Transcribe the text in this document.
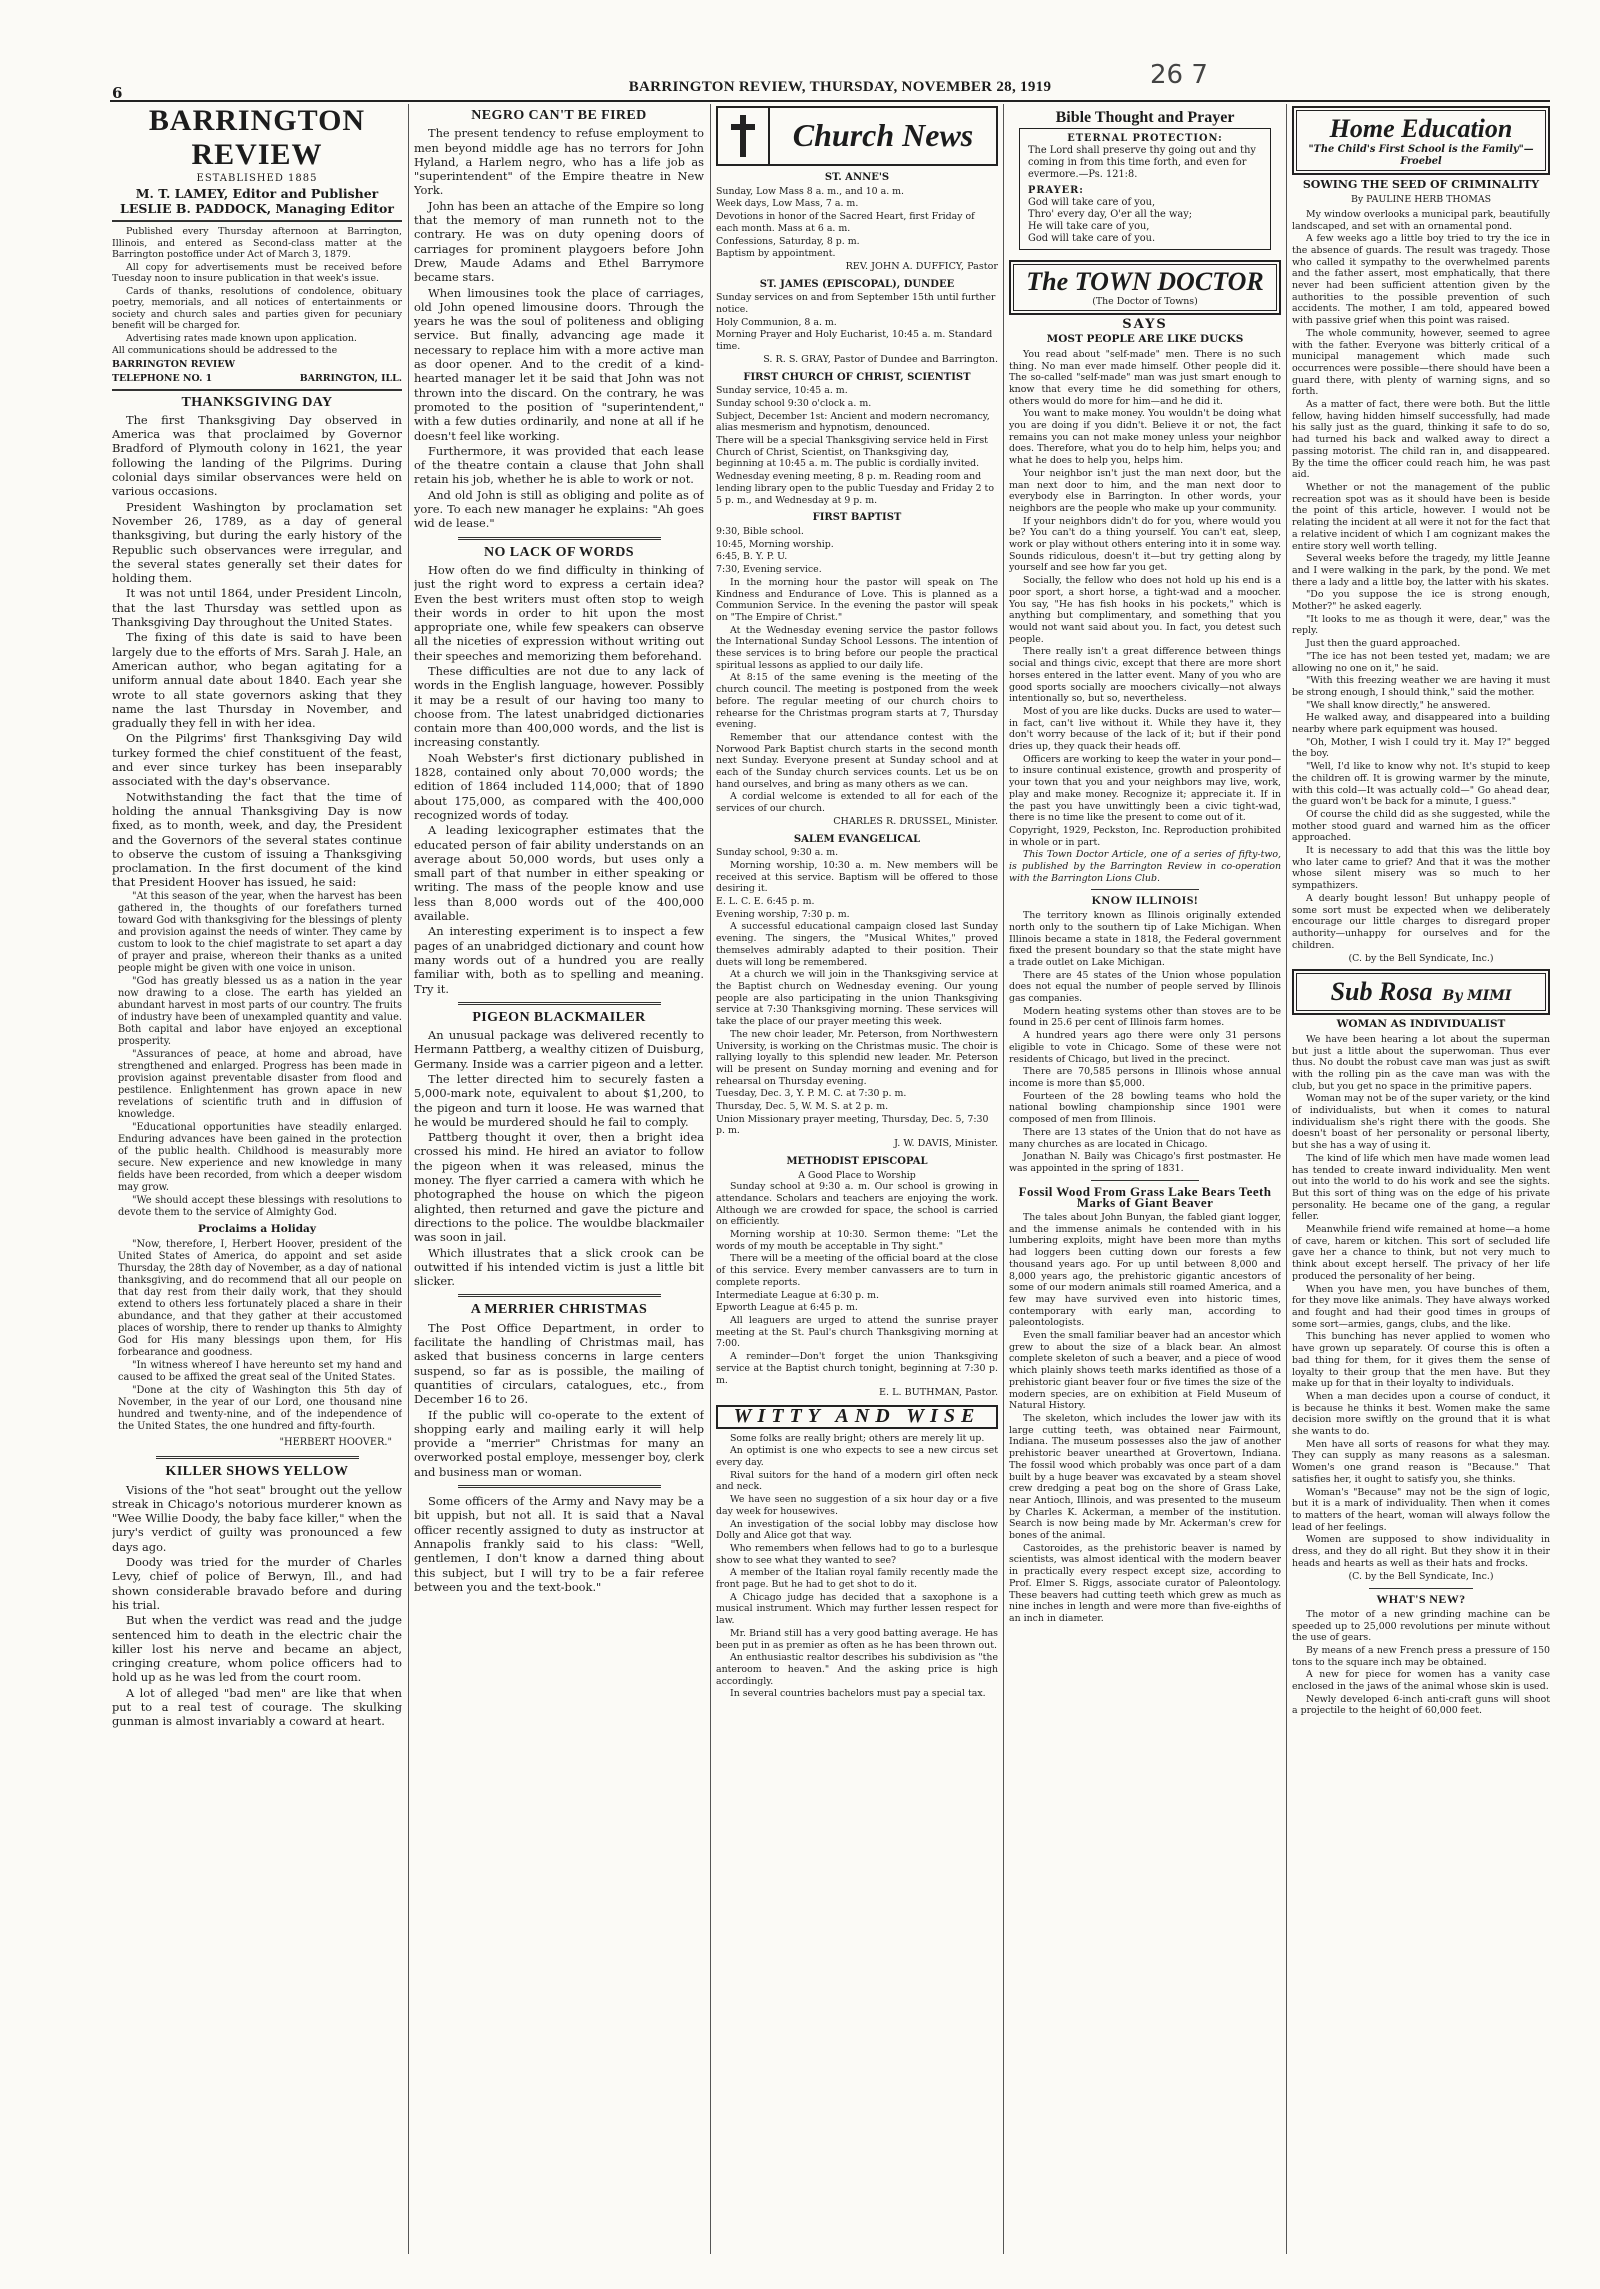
6	BARRINGTON REVIEW, THURSDAY, NOVEMBER 28, 1919	26 7
BARRINGTON REVIEW
ESTABLISHED 1885
M. T. LAMEY, Editor and Publisher
LESLIE B. PADDOCK, Managing Editor

Published every Thursday afternoon at Barrington, Illinois, and entered as Second-class matter at the Barrington postoffice under Act of March 3, 1879.

All copy for advertisements must be received before Tuesday noon to insure publication in that week's issue.

Cards of thanks, resolutions of condolence, obituary poetry, memorials, and all notices of entertainments or society and church sales and parties given for pecuniary benefit will be charged for.

Advertising rates made known upon application.

All communications should be addressed to the
BARRINGTON REVIEW
TELEPHONE NO. 1	BARRINGTON, ILL.
THANKSGIVING DAY

The first Thanksgiving Day observed in America was that proclaimed by Governor Bradford of Plymouth colony in 1621, the year following the landing of the Pilgrims. During colonial days similar observances were held on various occasions.

President Washington by proclamation set November 26, 1789, as a day of general thanksgiving, but during the early history of the Republic such observances were irregular, and the several states generally set their dates for holding them.

It was not until 1864, under President Lincoln, that the last Thursday was settled upon as Thanksgiving Day throughout the United States.

The fixing of this date is said to have been largely due to the efforts of Mrs. Sarah J. Hale, an American author, who began agitating for a uniform annual date about 1840. Each year she wrote to all state governors asking that they name the last Thursday in November, and gradually they fell in with her idea.

On the Pilgrims' first Thanksgiving Day wild turkey formed the chief constituent of the feast, and ever since turkey has been inseparably associated with the day's observance.

Notwithstanding the fact that the time of holding the annual Thanksgiving Day is now fixed, as to month, week, and day, the President and the Governors of the several states continue to observe the custom of issuing a Thanksgiving proclamation. In the first document of the kind that President Hoover has issued, he said:

"At this season of the year, when the harvest has been gathered in, the thoughts of our forefathers turned toward God with thanksgiving for the blessings of plenty and provision against the needs of winter. They came by custom to look to the chief magistrate to set apart a day of prayer and praise, whereon their thanks as a united people might be given with one voice in unison.

"God has greatly blessed us as a nation in the year now drawing to a close. The earth has yielded an abundant harvest in most parts of our country. The fruits of industry have been of unexampled quantity and value. Both capital and labor have enjoyed an exceptional prosperity.

"Assurances of peace, at home and abroad, have strengthened and enlarged. Progress has been made in provision against preventable disaster from flood and pestilence. Enlightenment has grown apace in new revelations of scientific truth and in diffusion of knowledge.

"Educational opportunities have steadily enlarged. Enduring advances have been gained in the protection of the public health. Childhood is measurably more secure. New experience and new knowledge in many fields have been recorded, from which a deeper wisdom may grow.

"We should accept these blessings with resolutions to devote them to the service of Almighty God.

Proclaims a Holiday

"Now, therefore, I, Herbert Hoover, president of the United States of America, do appoint and set aside Thursday, the 28th day of November, as a day of national thanksgiving, and do recommend that all our people on that day rest from their daily work, that they should extend to others less fortunately placed a share in their abundance, and that they gather at their accustomed places of worship, there to render up thanks to Almighty God for His many blessings upon them, for His forbearance and goodness.

"In witness whereof I have hereunto set my hand and caused to be affixed the great seal of the United States.

"Done at the city of Washington this 5th day of November, in the year of our Lord, one thousand nine hundred and twenty-nine, and of the independence of the United States, the one hundred and fifty-fourth.

"HERBERT HOOVER."
KILLER SHOWS YELLOW

Visions of the "hot seat" brought out the yellow streak in Chicago's notorious murderer known as "Wee Willie Doody, the baby face killer," when the jury's verdict of guilty was pronounced a few days ago.

Doody was tried for the murder of Charles Levy, chief of police of Berwyn, Ill., and had shown considerable bravado before and during his trial.

But when the verdict was read and the judge sentenced him to death in the electric chair the killer lost his nerve and became an abject, cringing creature, whom police officers had to hold up as he was led from the court room.

A lot of alleged "bad men" are like that when put to a real test of courage. The skulking gunman is almost invariably a coward at heart.

NEGRO CAN'T BE FIRED

The present tendency to refuse employment to men beyond middle age has no terrors for John Hyland, a Harlem negro, who has a life job as "superintendent" of the Empire theatre in New York.

John has been an attache of the Empire so long that the memory of man runneth not to the contrary. He was on duty opening doors of carriages for prominent playgoers before John Drew, Maude Adams and Ethel Barrymore became stars.

When limousines took the place of carriages, old John opened limousine doors. Through the years he was the soul of politeness and obliging service. But finally, advancing age made it necessary to replace him with a more active man as door opener. And to the credit of a kind-hearted manager let it be said that John was not thrown into the discard. On the contrary, he was promoted to the position of "superintendent," with a few duties ordinarily, and none at all if he doesn't feel like working.

Furthermore, it was provided that each lease of the theatre contain a clause that John shall retain his job, whether he is able to work or not.

And old John is still as obliging and polite as of yore. To each new manager he explains: "Ah goes wid de lease."

NO LACK OF WORDS

How often do we find difficulty in thinking of just the right word to express a certain idea? Even the best writers must often stop to weigh their words in order to hit upon the most appropriate one, while few speakers can observe all the niceties of expression without writing out their speeches and memorizing them beforehand.

These difficulties are not due to any lack of words in the English language, however. Possibly it may be a result of our having too many to choose from. The latest unabridged dictionaries contain more than 400,000 words, and the list is increasing constantly.

Noah Webster's first dictionary published in 1828, contained only about 70,000 words; the edition of 1864 included 114,000; that of 1890 about 175,000, as compared with the 400,000 recognized words of today.

A leading lexicographer estimates that the educated person of fair ability understands on an average about 50,000 words, but uses only a small part of that number in either speaking or writing. The mass of the people know and use less than 8,000 words out of the 400,000 available.

An interesting experiment is to inspect a few pages of an unabridged dictionary and count how many words out of a hundred you are really familiar with, both as to spelling and meaning. Try it.

PIGEON BLACKMAILER

An unusual package was delivered recently to Hermann Pattberg, a wealthy citizen of Duisburg, Germany. Inside was a carrier pigeon and a letter.

The letter directed him to securely fasten a 5,000-mark note, equivalent to about $1,200, to the pigeon and turn it loose. He was warned that he would be murdered should he fail to comply.

Pattberg thought it over, then a bright idea crossed his mind. He hired an aviator to follow the pigeon when it was released, minus the money. The flyer carried a camera with which he photographed the house on which the pigeon alighted, then returned and gave the picture and directions to the police. The wouldbe blackmailer was soon in jail.

Which illustrates that a slick crook can be outwitted if his intended victim is just a little bit slicker.

A MERRIER CHRISTMAS

The Post Office Department, in order to facilitate the handling of Christmas mail, has asked that business concerns in large centers suspend, so far as is possible, the mailing of quantities of circulars, catalogues, etc., from December 16 to 26.

If the public will co-operate to the extent of shopping early and mailing early it will help provide a "merrier" Christmas for many an overworked postal employe, messenger boy, clerk and business man or woman.

Some officers of the Army and Navy may be a bit uppish, but not all. It is said that a Naval officer recently assigned to duty as instructor at Annapolis frankly said to his class: "Well, gentlemen, I don't know a darned thing about this subject, but I will try to be a fair referee between you and the text-book."

Church News
ST. ANNE'S

Sunday, Low Mass 8 a. m., and 10 a. m.

Week days, Low Mass, 7 a. m.

Devotions in honor of the Sacred Heart, first Friday of each month. Mass at 6 a. m.

Confessions, Saturday, 8 p. m.

Baptism by appointment.

REV. JOHN A. DUFFICY, Pastor
ST. JAMES (EPISCOPAL), DUNDEE

Sunday services on and from September 15th until further notice.

Holy Communion, 8 a. m.

Morning Prayer and Holy Eucharist, 10:45 a. m. Standard time.

S. R. S. GRAY, Pastor of Dundee and Barrington.
FIRST CHURCH OF CHRIST, SCIENTIST

Sunday service, 10:45 a. m.

Sunday school 9:30 o'clock a. m.

Subject, December 1st: Ancient and modern necromancy, alias mesmerism and hypnotism, denounced.

There will be a special Thanksgiving service held in First Church of Christ, Scientist, on Thanksgiving day, beginning at 10:45 a. m. The public is cordially invited.

Wednesday evening meeting, 8 p. m. Reading room and lending library open to the public Tuesday and Friday 2 to 5 p. m., and Wednesday at 9 p. m.

FIRST BAPTIST

9:30, Bible school.

10:45, Morning worship.

6:45, B. Y. P. U.

7:30, Evening service.

In the morning hour the pastor will speak on The Kindness and Endurance of Love. This is planned as a Communion Service. In the evening the pastor will speak on "The Empire of Christ."

At the Wednesday evening service the pastor follows the International Sunday School Lessons. The intention of these services is to bring before our people the practical spiritual lessons as applied to our daily life.

At 8:15 of the same evening is the meeting of the church council. The meeting is postponed from the week before. The regular meeting of our church choirs to rehearse for the Christmas program starts at 7, Thursday evening.

Remember that our attendance contest with the Norwood Park Baptist church starts in the second month next Sunday. Everyone present at Sunday school and at each of the Sunday church services counts. Let us be on hand ourselves, and bring as many others as we can.

A cordial welcome is extended to all for each of the services of our church.

CHARLES R. DRUSSEL, Minister.
SALEM EVANGELICAL

Sunday school, 9:30 a. m.

Morning worship, 10:30 a. m. New members will be received at this service. Baptism will be offered to those desiring it.

E. L. C. E. 6:45 p. m.

Evening worship, 7:30 p. m.

A successful educational campaign closed last Sunday evening. The singers, the "Musical Whites," proved themselves admirably adapted to their position. Their duets will long be remembered.

At a church we will join in the Thanksgiving service at the Baptist church on Wednesday evening. Our young people are also participating in the union Thanksgiving service at 7:30 Thanksgiving morning. These services will take the place of our prayer meeting this week.

The new choir leader, Mr. Peterson, from Northwestern University, is working on the Christmas music. The choir is rallying loyally to this splendid new leader. Mr. Peterson will be present on Sunday morning and evening and for rehearsal on Thursday evening.

Tuesday, Dec. 3, Y. P. M. C. at 7:30 p. m.

Thursday, Dec. 5, W. M. S. at 2 p. m.

Union Missionary prayer meeting, Thursday, Dec. 5, 7:30 p. m.

J. W. DAVIS, Minister.
METHODIST EPISCOPAL
A Good Place to Worship

Sunday school at 9:30 a. m. Our school is growing in attendance. Scholars and teachers are enjoying the work. Although we are crowded for space, the school is carried on efficiently.

Morning worship at 10:30. Sermon theme: "Let the words of my mouth be acceptable in Thy sight."

There will be a meeting of the official board at the close of this service. Every member canvassers are to turn in complete reports.

Intermediate League at 6:30 p. m.

Epworth League at 6:45 p. m.

All leaguers are urged to attend the sunrise prayer meeting at the St. Paul's church Thanksgiving morning at 7:00.

A reminder—Don't forget the union Thanksgiving service at the Baptist church tonight, beginning at 7:30 p. m.

E. L. BUTHMAN, Pastor.
WITTY AND WISE

Some folks are really bright; others are merely lit up.

An optimist is one who expects to see a new circus set every day.

Rival suitors for the hand of a modern girl often neck and neck.

We have seen no suggestion of a six hour day or a five day week for housewives.

An investigation of the social lobby may disclose how Dolly and Alice got that way.

Who remembers when fellows had to go to a burlesque show to see what they wanted to see?

A member of the Italian royal family recently made the front page. But he had to get shot to do it.

A Chicago judge has decided that a saxophone is a musical instrument. Which may further lessen respect for law.

Mr. Briand still has a very good batting average. He has been put in as premier as often as he has been thrown out.

An enthusiastic realtor describes his subdivision as "the anteroom to heaven." And the asking price is high accordingly.

In several countries bachelors must pay a special tax.

Bible Thought and Prayer
ETERNAL PROTECTION:
The Lord shall preserve thy going out and thy coming in from this time forth, and even for evermore.—Ps. 121:8.
PRAYER:
God will take care of you,
Thro' every day, O'er all the way;
He will take care of you,
God will take care of you.
The TOWN DOCTOR
(The Doctor of Towns)
SAYS
MOST PEOPLE ARE LIKE DUCKS

You read about "self-made" men. There is no such thing. No man ever made himself. Other people did it. The so-called "self-made" man was just smart enough to know that every time he did something for others, others would do more for him—and he did it.

You want to make money. You wouldn't be doing what you are doing if you didn't. Believe it or not, the fact remains you can not make money unless your neighbor does. Therefore, what you do to help him, helps you; and what he does to help you, helps him.

Your neighbor isn't just the man next door, but the man next door to him, and the man next door to everybody else in Barrington. In other words, your neighbors are the people who make up your community.

If your neighbors didn't do for you, where would you be? You can't do a thing yourself. You can't eat, sleep, work or play without others entering into it in some way. Sounds ridiculous, doesn't it—but try getting along by yourself and see how far you get.

Socially, the fellow who does not hold up his end is a poor sport, a short horse, a tight-wad and a moocher. You say, "He has fish hooks in his pockets," which is anything but complimentary, and something that you would not want said about you. In fact, you detest such people.

There really isn't a great difference between things social and things civic, except that there are more short horses entered in the latter event. Many of you who are good sports socially are moochers civically—not always intentionally so, but so, nevertheless.

Most of you are like ducks. Ducks are used to water—in fact, can't live without it. While they have it, they don't worry because of the lack of it; but if their pond dries up, they quack their heads off.

Officers are working to keep the water in your pond—to insure continual existence, growth and prosperity of your town that you and your neighbors may live, work, play and make money. Recognize it; appreciate it. If in the past you have unwittingly been a civic tight-wad, there is no time like the present to come out of it.

Copyright, 1929, Peckston, Inc. Reproduction prohibited in whole or in part.

This Town Doctor Article, one of a series of fifty-two, is published by the Barrington Review in co-operation with the Barrington Lions Club.

KNOW ILLINOIS!

The territory known as Illinois originally extended north only to the southern tip of Lake Michigan. When Illinois became a state in 1818, the Federal government fixed the present boundary so that the state might have a trade outlet on Lake Michigan.

There are 45 states of the Union whose population does not equal the number of people served by Illinois gas companies.

Modern heating systems other than stoves are to be found in 25.6 per cent of Illinois farm homes.

A hundred years ago there were only 31 persons eligible to vote in Chicago. Some of these were not residents of Chicago, but lived in the precinct.

There are 70,585 persons in Illinois whose annual income is more than $5,000.

Fourteen of the 28 bowling teams who hold the national bowling championship since 1901 were composed of men from Illinois.

There are 13 states of the Union that do not have as many churches as are located in Chicago.

Jonathan N. Baily was Chicago's first postmaster. He was appointed in the spring of 1831.

Fossil Wood From Grass Lake Bears Teeth Marks of Giant Beaver

The tales about John Bunyan, the fabled giant logger, and the immense animals he contended with in his lumbering exploits, might have been more than myths had loggers been cutting down our forests a few thousand years ago. For up until between 8,000 and 8,000 years ago, the prehistoric gigantic ancestors of some of our modern animals still roamed America, and a few may have survived even into historic times, contemporary with early man, according to paleontologists.

Even the small familiar beaver had an ancestor which grew to about the size of a black bear. An almost complete skeleton of such a beaver, and a piece of wood which plainly shows teeth marks identified as those of a prehistoric giant beaver four or five times the size of the modern species, are on exhibition at Field Museum of Natural History.

The skeleton, which includes the lower jaw with its large cutting teeth, was obtained near Fairmount, Indiana. The museum possesses also the jaw of another prehistoric beaver unearthed at Grovertown, Indiana. The fossil wood which probably was once part of a dam built by a huge beaver was excavated by a steam shovel crew dredging a peat bog on the shore of Grass Lake, near Antioch, Illinois, and was presented to the museum by Charles K. Ackerman, a member of the institution. Search is now being made by Mr. Ackerman's crew for bones of the animal.

Castoroides, as the prehistoric beaver is named by scientists, was almost identical with the modern beaver in practically every respect except size, according to Prof. Elmer S. Riggs, associate curator of Paleontology. These beavers had cutting teeth which grew as much as nine inches in length and were more than five-eighths of an inch in diameter.

Home Education
"The Child's First School is the Family"—Froebel
SOWING THE SEED OF CRIMINALITY
By PAULINE HERB THOMAS

My window overlooks a municipal park, beautifully landscaped, and set with an ornamental pond.

A few weeks ago a little boy tried to try the ice in the absence of guards. The result was tragedy. Those who called it sympathy to the overwhelmed parents and the father assert, most emphatically, that there never had been sufficient attention given by the authorities to the possible prevention of such accidents. The mother, I am told, appeared bowed with passive grief when this point was raised.

The whole community, however, seemed to agree with the father. Everyone was bitterly critical of a municipal management which made such occurrences were possible—there should have been a guard there, with plenty of warning signs, and so forth.

As a matter of fact, there were both. But the little fellow, having hidden himself successfully, had made his sally just as the guard, thinking it safe to do so, had turned his back and walked away to direct a passing motorist. The child ran in, and disappeared. By the time the officer could reach him, he was past aid.

Whether or not the management of the public recreation spot was as it should have been is beside the point of this article, however. I would not be relating the incident at all were it not for the fact that a relative incident of which I am cognizant makes the entire story well worth telling.

Several weeks before the tragedy, my little Jeanne and I were walking in the park, by the pond. We met there a lady and a little boy, the latter with his skates.

"Do you suppose the ice is strong enough, Mother?" he asked eagerly.

"It looks to me as though it were, dear," was the reply.

Just then the guard approached.

"The ice has not been tested yet, madam; we are allowing no one on it," he said.

"With this freezing weather we are having it must be strong enough, I should think," said the mother.

"We shall know directly," he answered.

He walked away, and disappeared into a building nearby where park equipment was housed.

"Oh, Mother, I wish I could try it. May I?" begged the boy.

"Well, I'd like to know why not. It's stupid to keep the children off. It is growing warmer by the minute, with this cold—It was actually cold—" Go ahead dear, the guard won't be back for a minute, I guess."

Of course the child did as she suggested, while the mother stood guard and warned him as the officer approached.

It is necessary to add that this was the little boy who later came to grief? And that it was the mother whose silent misery was so much to her sympathizers.

A dearly bought lesson! But unhappy people of some sort must be expected when we deliberately encourage our little charges to disregard proper authority—unhappy for ourselves and for the children.

(C. by the Bell Syndicate, Inc.)
Sub Rosa By MIMI
WOMAN AS INDIVIDUALIST

We have been hearing a lot about the superman but just a little about the superwoman. Thus ever thus. No doubt the robust cave man was just as swift with the rolling pin as the cave man was with the club, but you get no space in the primitive papers.

Woman may not be of the super variety, or the kind of individualists, but when it comes to natural individualism she's right there with the goods. She doesn't boast of her personality or personal liberty, but she has a way of using it.

The kind of life which men have made women lead has tended to create inward individuality. Men went out into the world to do his work and see the sights. But this sort of thing was on the edge of his private personality. He became one of the gang, a regular feller.

Meanwhile friend wife remained at home—a home of cave, harem or kitchen. This sort of secluded life gave her a chance to think, but not very much to think about except herself. The privacy of her life produced the personality of her being.

When you have men, you have bunches of them, for they move like animals. They have always worked and fought and had their good times in groups of some sort—armies, gangs, clubs, and the like.

This bunching has never applied to women who have grown up separately. Of course this is often a bad thing for them, for it gives them the sense of loyalty to their group that the men have. But they make up for that in their loyalty to individuals.

When a man decides upon a course of conduct, it is because he thinks it best. Women make the same decision more swiftly on the ground that it is what she wants to do.

Men have all sorts of reasons for what they may. They can supply as many reasons as a salesman. Women's one grand reason is "Because." That satisfies her, it ought to satisfy you, she thinks.

Woman's "Because" may not be the sign of logic, but it is a mark of individuality. Then when it comes to matters of the heart, woman will always follow the lead of her feelings.

Women are supposed to show individuality in dress, and they do all right. But they show it in their heads and hearts as well as their hats and frocks.

(C. by the Bell Syndicate, Inc.)
WHAT'S NEW?

The motor of a new grinding machine can be speeded up to 25,000 revolutions per minute without the use of gears.

By means of a new French press a pressure of 150 tons to the square inch may be obtained.

A new for piece for women has a vanity case enclosed in the jaws of the animal whose skin is used.

Newly developed 6-inch anti-craft guns will shoot a projectile to the height of 60,000 feet.
